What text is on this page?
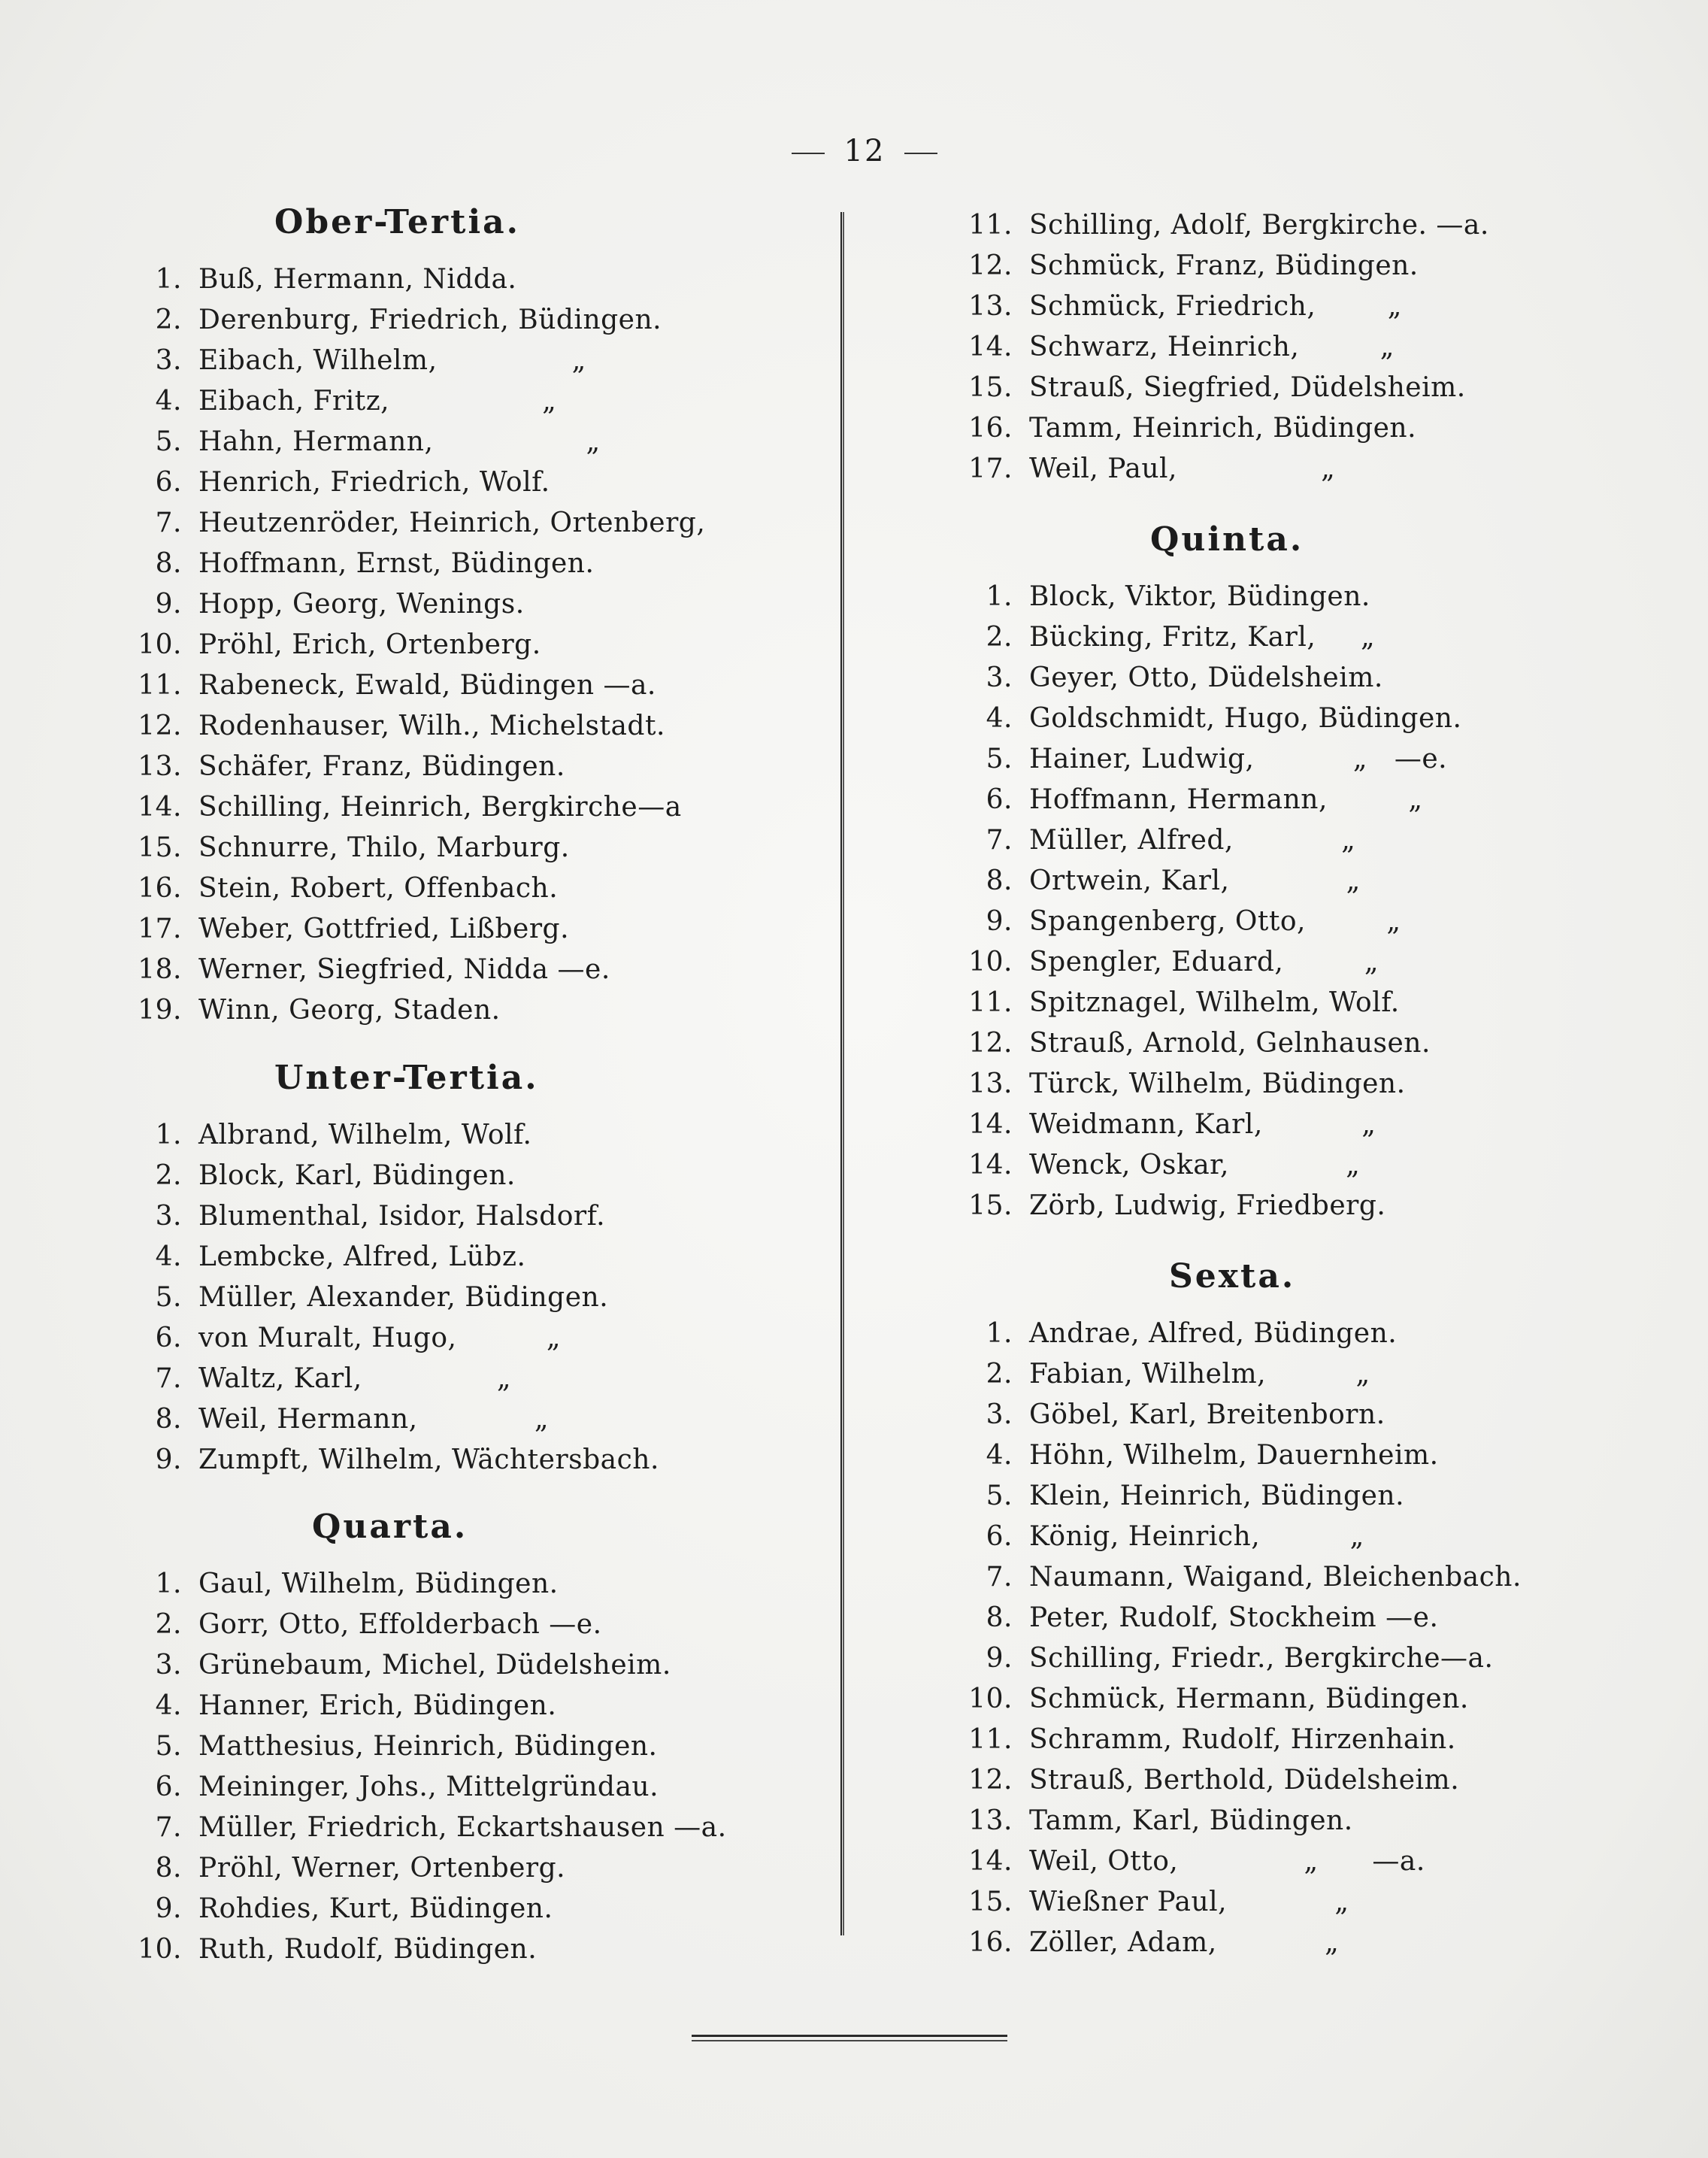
12
Ober-Tertia.
1. Buß, Hermann, Nidda.
2. Derenburg, Friedrich, Büdingen.
3. Eibach, Wilhelm,               „
4. Eibach, Fritz,                 „
5. Hahn, Hermann,                 „
6. Henrich, Friedrich, Wolf.
7. Heutzenröder, Heinrich, Ortenberg,
8. Hoffmann, Ernst, Büdingen.
9. Hopp, Georg, Wenings.
10. Pröhl, Erich, Ortenberg.
11. Rabeneck, Ewald, Büdingen —a.
12. Rodenhauser, Wilh., Michelstadt.
13. Schäfer, Franz, Büdingen.
14. Schilling, Heinrich, Bergkirche—a
15. Schnurre, Thilo, Marburg.
16. Stein, Robert, Offenbach.
17. Weber, Gottfried, Lißberg.
18. Werner, Siegfried, Nidda —e.
19. Winn, Georg, Staden.
Unter-Tertia.
1. Albrand, Wilhelm, Wolf.
2. Block, Karl, Büdingen.
3. Blumenthal, Isidor, Halsdorf.
4. Lembcke, Alfred, Lübz.
5. Müller, Alexander, Büdingen.
6. von Muralt, Hugo,          „
7. Waltz, Karl,               „
8. Weil, Hermann,             „
9. Zumpft, Wilhelm, Wächtersbach.
Quarta.
1. Gaul, Wilhelm, Büdingen.
2. Gorr, Otto, Effolderbach —e.
3. Grünebaum, Michel, Düdelsheim.
4. Hanner, Erich, Büdingen.
5. Matthesius, Heinrich, Büdingen.
6. Meininger, Johs., Mittelgründau.
7. Müller, Friedrich, Eckartshausen —a.
8. Pröhl, Werner, Ortenberg.
9. Rohdies, Kurt, Büdingen.
10. Ruth, Rudolf, Büdingen.
11. Schilling, Adolf, Bergkirche. —a.
12. Schmück, Franz, Büdingen.
13. Schmück, Friedrich,        „
14. Schwarz, Heinrich,         „
15. Strauß, Siegfried, Düdelsheim.
16. Tamm, Heinrich, Büdingen.
17. Weil, Paul,                „
Quinta.
1. Block, Viktor, Büdingen.
2. Bücking, Fritz, Karl,     „
3. Geyer, Otto, Düdelsheim.
4. Goldschmidt, Hugo, Büdingen.
5. Hainer, Ludwig,           „   —e.
6. Hoffmann, Hermann,         „
7. Müller, Alfred,            „
8. Ortwein, Karl,             „
9. Spangenberg, Otto,         „
10. Spengler, Eduard,         „
11. Spitznagel, Wilhelm, Wolf.
12. Strauß, Arnold, Gelnhausen.
13. Türck, Wilhelm, Büdingen.
14. Weidmann, Karl,           „
14. Wenck, Oskar,             „
15. Zörb, Ludwig, Friedberg.
Sexta.
1. Andrae, Alfred, Büdingen.
2. Fabian, Wilhelm,          „
3. Göbel, Karl, Breitenborn.
4. Höhn, Wilhelm, Dauernheim.
5. Klein, Heinrich, Büdingen.
6. König, Heinrich,          „
7. Naumann, Waigand, Bleichenbach.
8. Peter, Rudolf, Stockheim —e.
9. Schilling, Friedr., Bergkirche—a.
10. Schmück, Hermann, Büdingen.
11. Schramm, Rudolf, Hirzenhain.
12. Strauß, Berthold, Düdelsheim.
13. Tamm, Karl, Büdingen.
14. Weil, Otto,              „      —a.
15. Wießner Paul,            „
16. Zöller, Adam,            „
